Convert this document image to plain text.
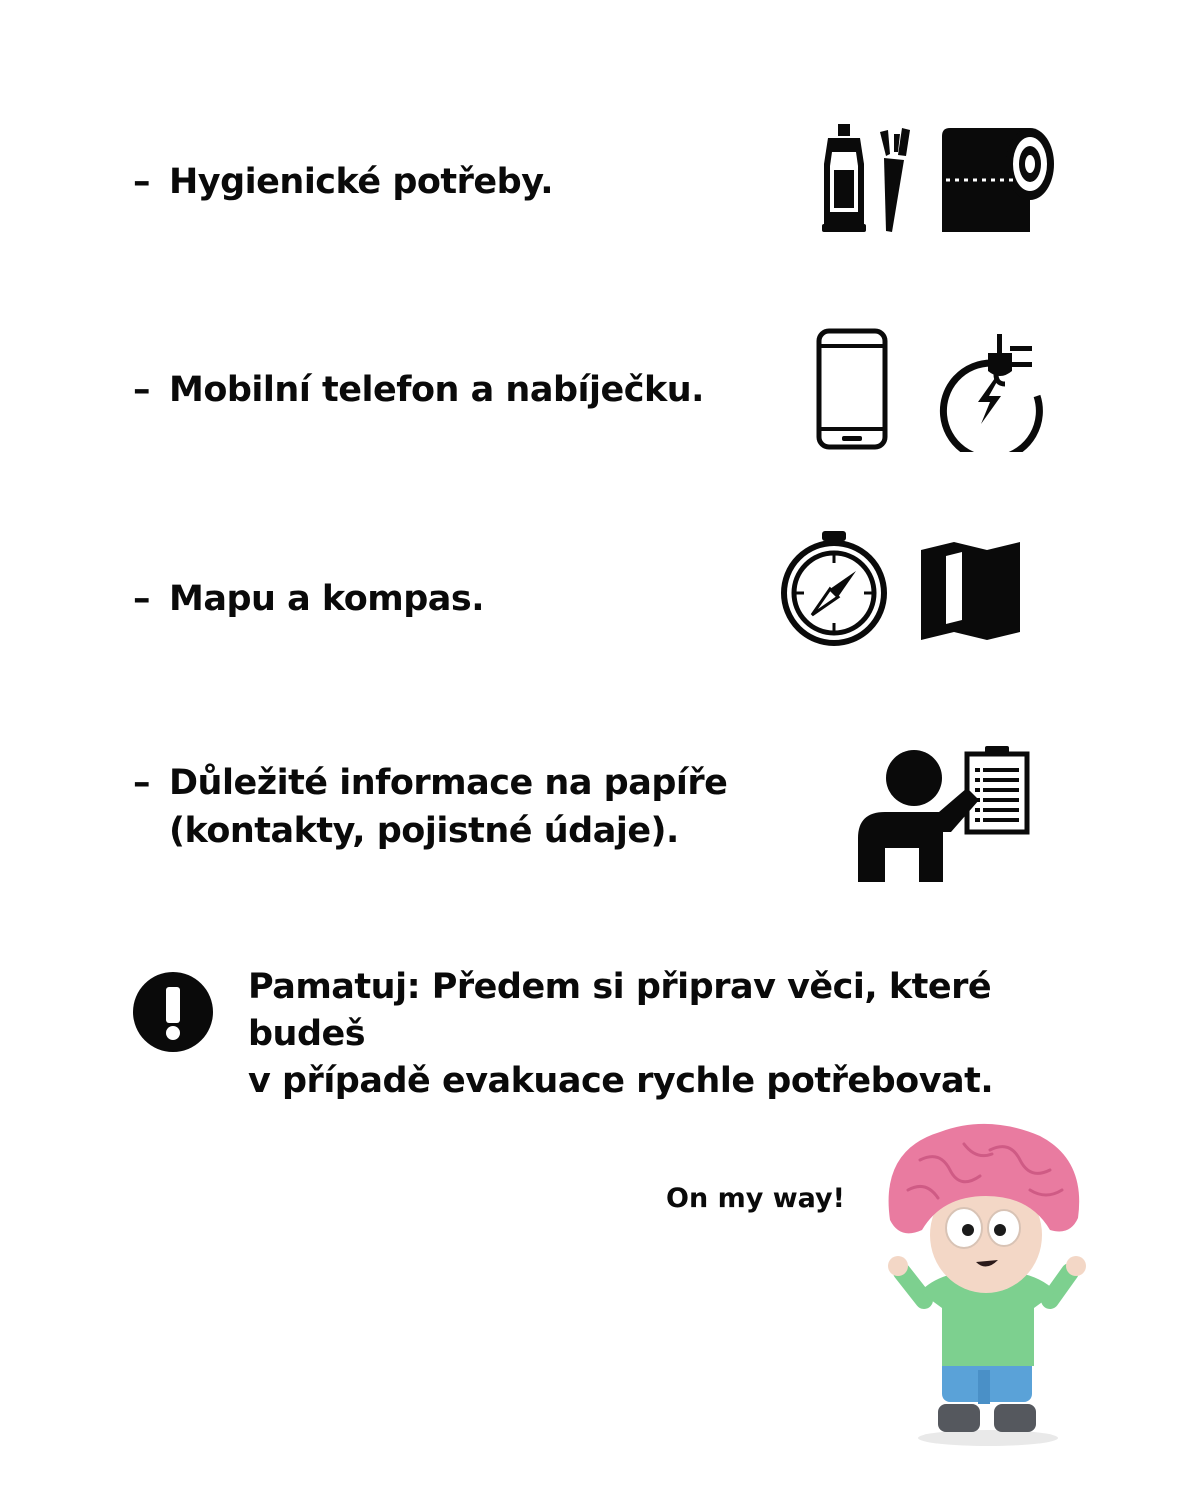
– Hygienické potřeby.
– Mobilní telefon a nabíječku.
– Mapu a kompas.
– Důležité informace na papíře
(kontakty, pojistné údaje).
Pamatuj: Předem si připrav věci, které budeš
v případě evakuace rychle potřebovat.
On my way!
